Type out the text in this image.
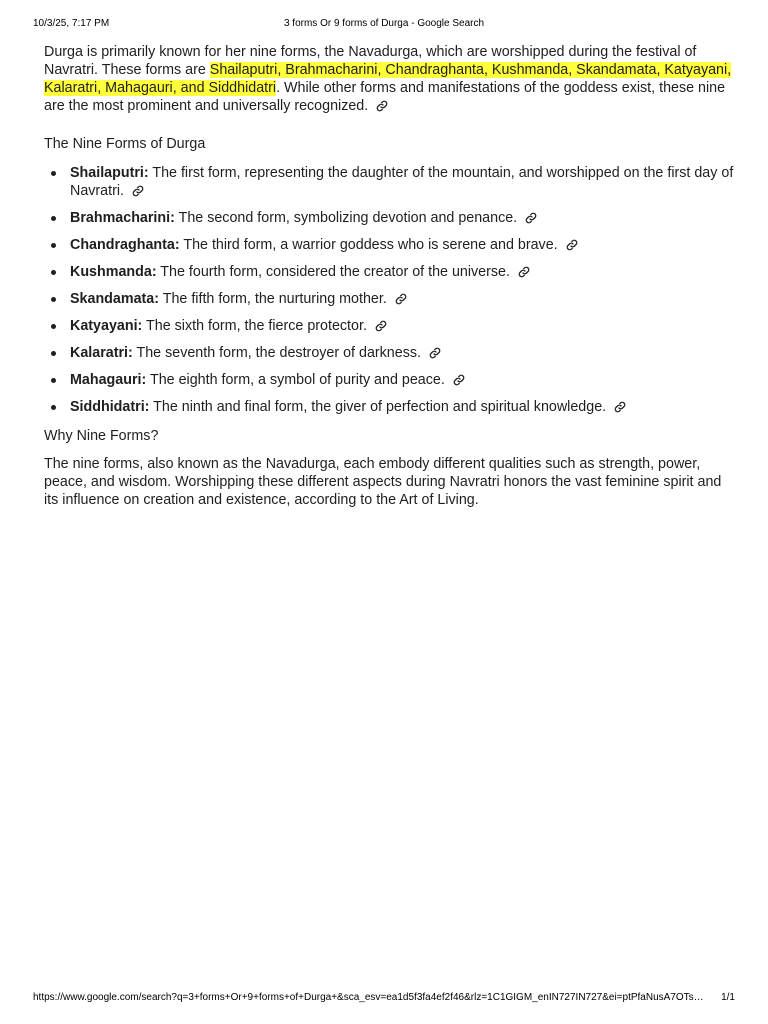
10/3/25, 7:17 PM	3 forms Or 9 forms of Durga - Google Search

Durga is primarily known for her nine forms, the Navadurga, which are worshipped during the festival of Navratri. These forms are Shailaputri, Brahmacharini, Chandraghanta, Kushmanda, Skandamata, Katyayani, Kalaratri, Mahagauri, and Siddhidatri. While other forms and manifestations of the goddess exist, these nine are the most prominent and universally recognized.

The Nine Forms of Durga

Shailaputri: The first form, representing the daughter of the mountain, and worshipped on the first day of Navratri.
Brahmacharini: The second form, symbolizing devotion and penance.
Chandraghanta: The third form, a warrior goddess who is serene and brave.
Kushmanda: The fourth form, considered the creator of the universe.
Skandamata: The fifth form, the nurturing mother.
Katyayani: The sixth form, the fierce protector.
Kalaratri: The seventh form, the destroyer of darkness.
Mahagauri: The eighth form, a symbol of purity and peace.
Siddhidatri: The ninth and final form, the giver of perfection and spiritual knowledge.

Why Nine Forms?

The nine forms, also known as the Navadurga, each embody different qualities such as strength, power, peace, and wisdom. Worshipping these different aspects during Navratri honors the vast feminine spirit and its influence on creation and existence, according to the Art of Living.

https://www.google.com/search?q=3+forms+Or+9+forms+of+Durga+&sca_esv=ea1d5f3fa4ef2f46&rlz=1C1GIGM_enIN727IN727&ei=ptPfaNusA7OTs…	1/1
